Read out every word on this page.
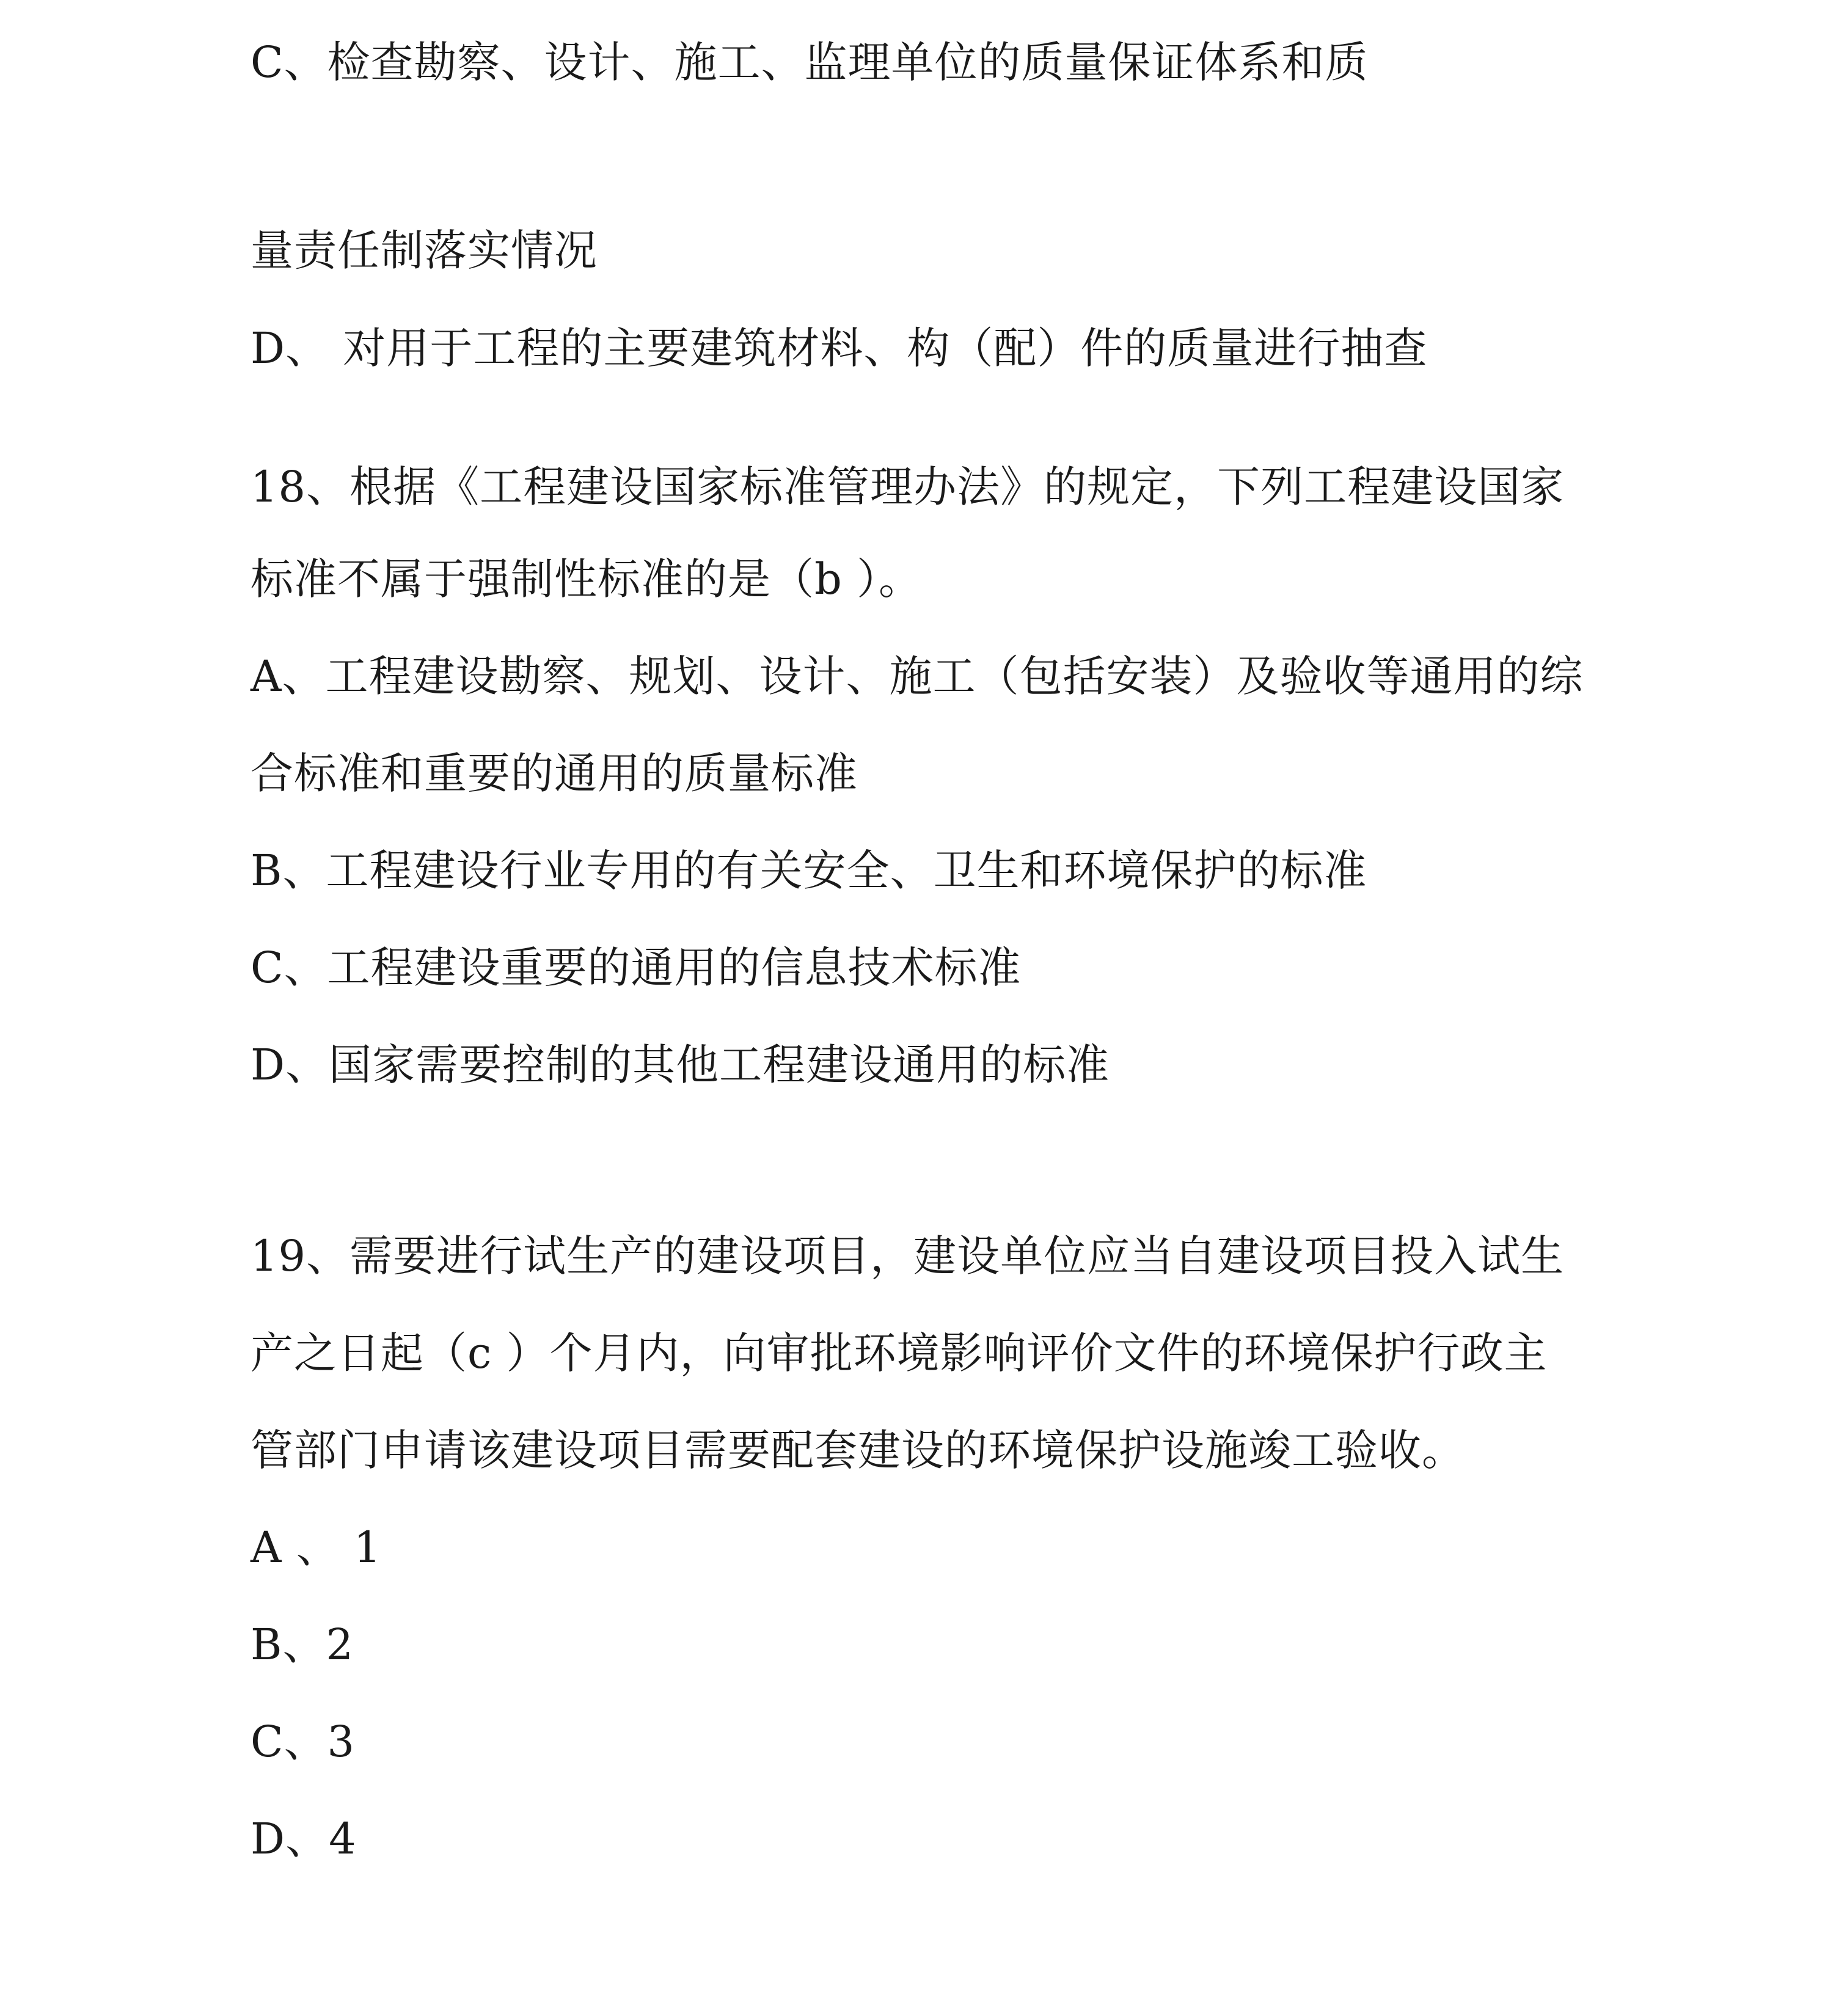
C、检查勘察、设计、施工、监理单位的质量保证体系和质
量责任制落实情况
D、 对用于工程的主要建筑材料、构（配）件的质量进行抽查
18、根据《工程建设国家标准管理办法》的规定，下列工程建设国家
标准不属于强制性标准的是（b ）。
A、工程建设勘察、规划、设计、施工（包括安装）及验收等通用的综
合标准和重要的通用的质量标准
B、工程建设行业专用的有关安全、卫生和环境保护的标准
C、工程建设重要的通用的信息技术标准
D、国家需要控制的其他工程建设通用的标准
19、需要进行试生产的建设项目，建设单位应当自建设项目投入试生
产之日起（c ）个月内，向审批环境影响评价文件的环境保护行政主
管部门申请该建设项目需要配套建设的环境保护设施竣工验收。
A 、 1
B、2
C、3
D、4
